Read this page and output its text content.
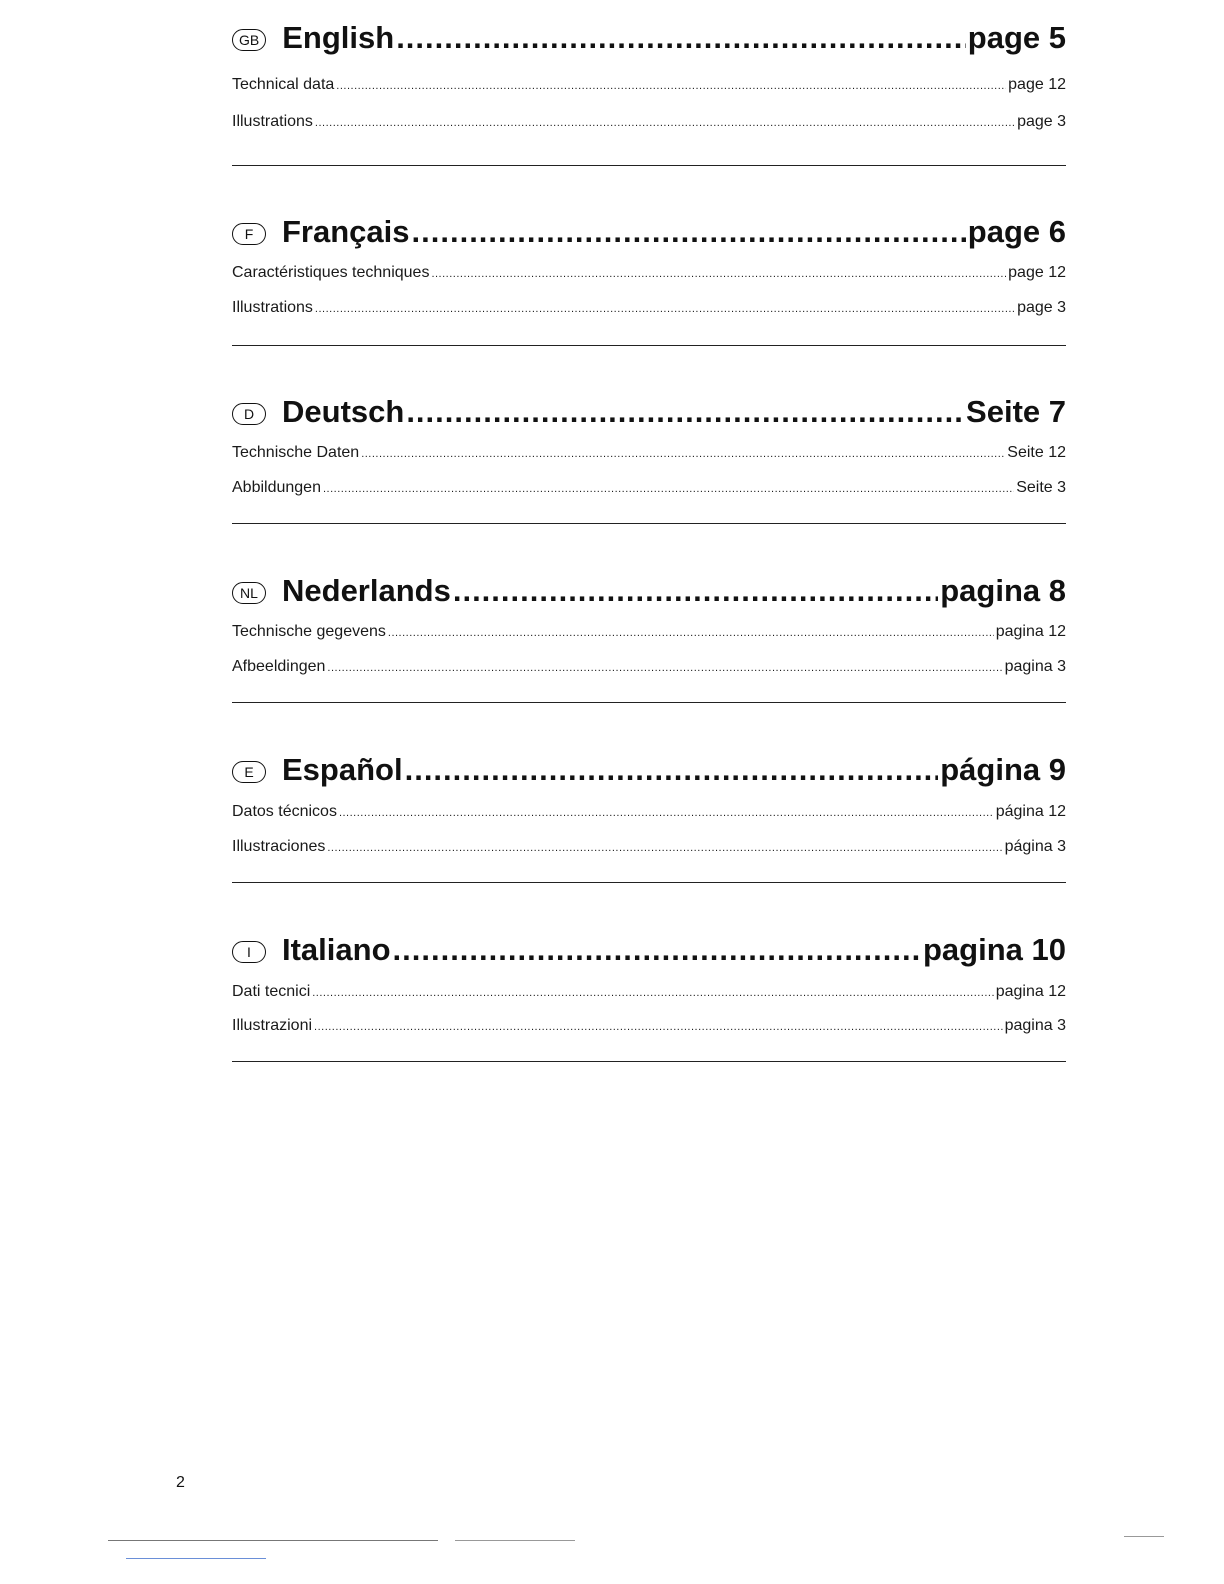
GB English .....	page 5
Technical data .....	page 12
Illustrations .....	page 3
F Français .....	page 6
Caractéristiques techniques .....	page 12
Illustrations .....	page 3
D Deutsch .....	Seite 7
Technische Daten .....	Seite 12
Abbildungen .....	Seite 3
NL Nederlands .....	pagina 8
Technische gegevens .....	pagina 12
Afbeeldingen .....	pagina 3
E Español .....	página 9
Datos técnicos .....	página 12
Illustraciones .....	página 3
I	Italiano .....	pagina 10
Dati tecnici .....	pagina 12
Illustrazioni .....	pagina 3
2
